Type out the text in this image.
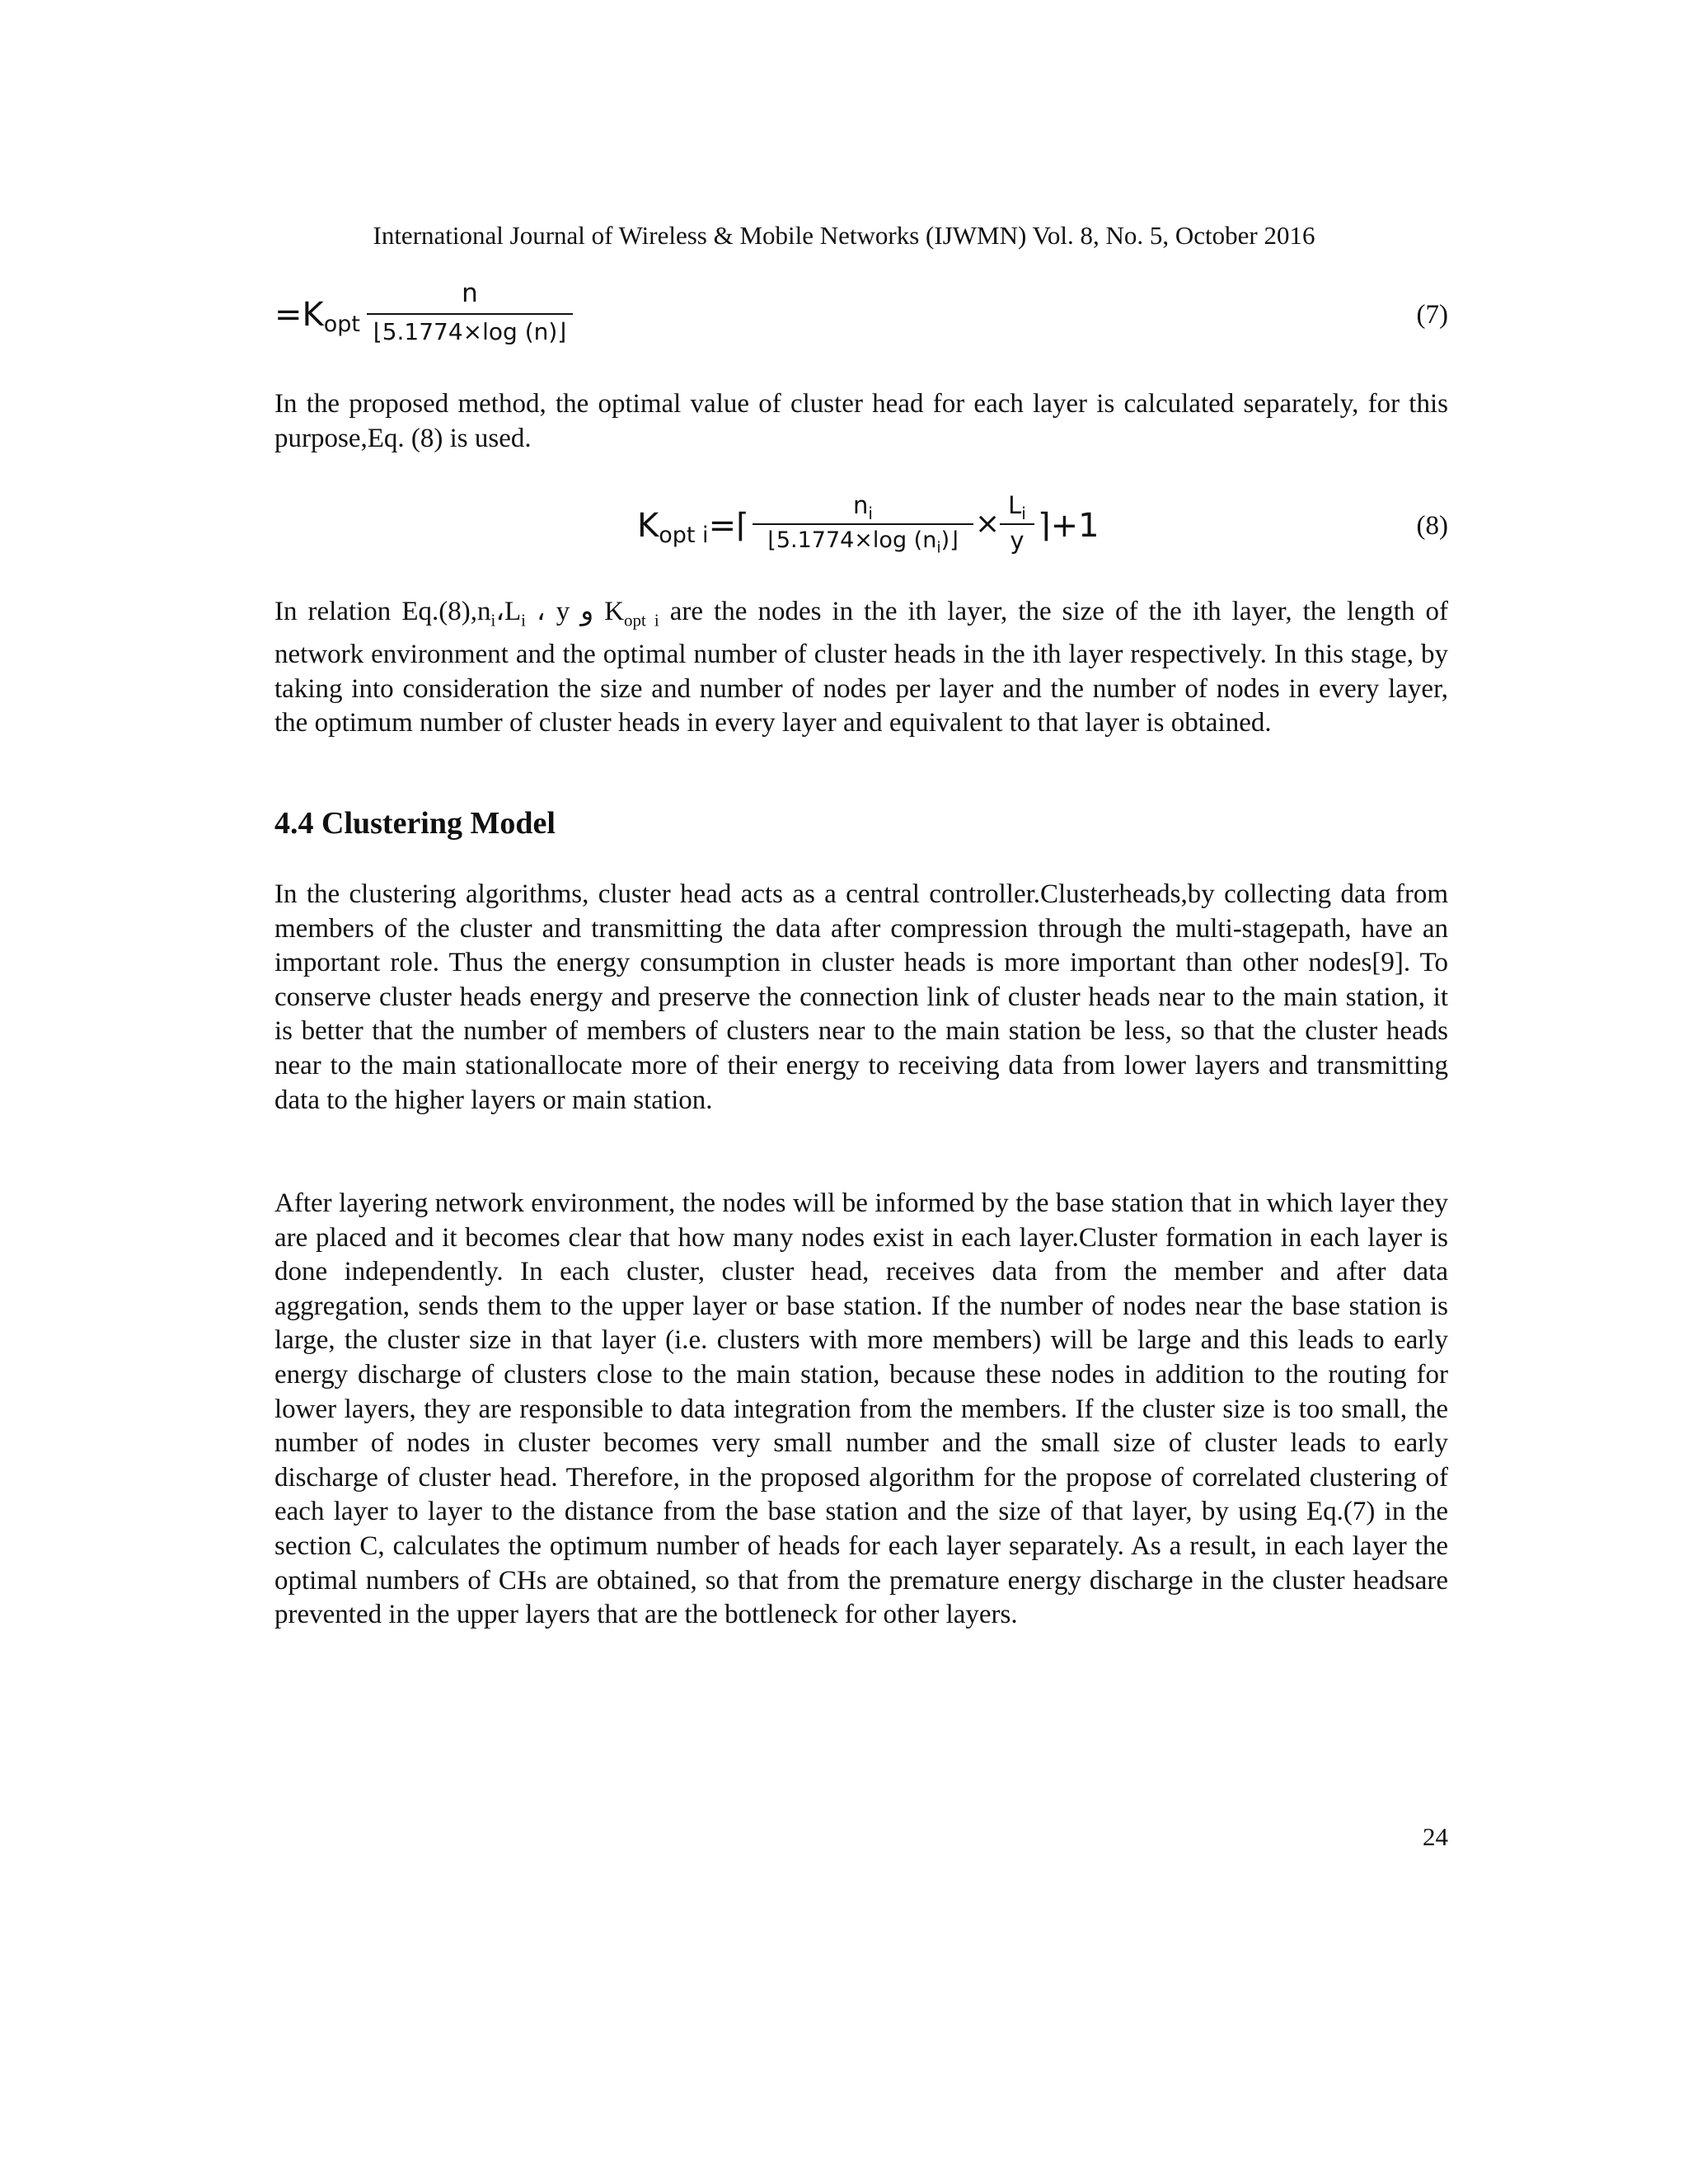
International Journal of Wireless & Mobile Networks (IJWMN) Vol. 8, No. 5, October 2016
$=K_{opt}$
n
⌊5.1774×log (n)⌋
(7)

In the proposed method, the optimal value of cluster head for each layer is calculated separately, for this purpose,Eq. (8) is used.

$K_{opt i}=⌈$
$n_i$
⌊5.1774×log $(n_i)⌋$ ×
$L_i$
y ⌉+1	(8)

In relation $Eq.(8),n_i،L_i$ ، y و $K_{opt i}$ are the nodes in the ith layer, the size of the ith layer, the length of network environment and the optimal number of cluster heads in the ith layer respectively. In this stage, by taking into consideration the size and number of nodes per layer and the number of nodes in every layer, the optimum number of cluster heads in every layer and equivalent to that layer is obtained.

4.4 Clustering Model

In the clustering algorithms, cluster head acts as a central controller.Clusterheads,by collecting data from members of the cluster and transmitting the data after compression through the multi-stagepath, have an important role. Thus the energy consumption in cluster heads is more important than other nodes[9]. To conserve cluster heads energy and preserve the connection link of cluster heads near to the main station, it is better that the number of members of clusters near to the main station be less, so that the cluster heads near to the main stationallocate more of their energy to receiving data from lower layers and transmitting data to the higher layers or main station.

After layering network environment, the nodes will be informed by the base station that in which layer they are placed and it becomes clear that how many nodes exist in each layer.Cluster formation in each layer is done independently. In each cluster, cluster head, receives data from the member and after data aggregation, sends them to the upper layer or base station. If the number of nodes near the base station is large, the cluster size in that layer (i.e. clusters with more members) will be large and this leads to early energy discharge of clusters close to the main station, because these nodes in addition to the routing for lower layers, they are responsible to data integration from the members. If the cluster size is too small, the number of nodes in cluster becomes very small number and the small size of cluster leads to early discharge of cluster head. Therefore, in the proposed algorithm for the propose of correlated clustering of each layer to layer to the distance from the base station and the size of that layer, by using Eq.(7) in the section C, calculates the optimum number of heads for each layer separately. As a result, in each layer the optimal numbers of CHs are obtained, so that from the premature energy discharge in the cluster headsare prevented in the upper layers that are the bottleneck for other layers.

24
